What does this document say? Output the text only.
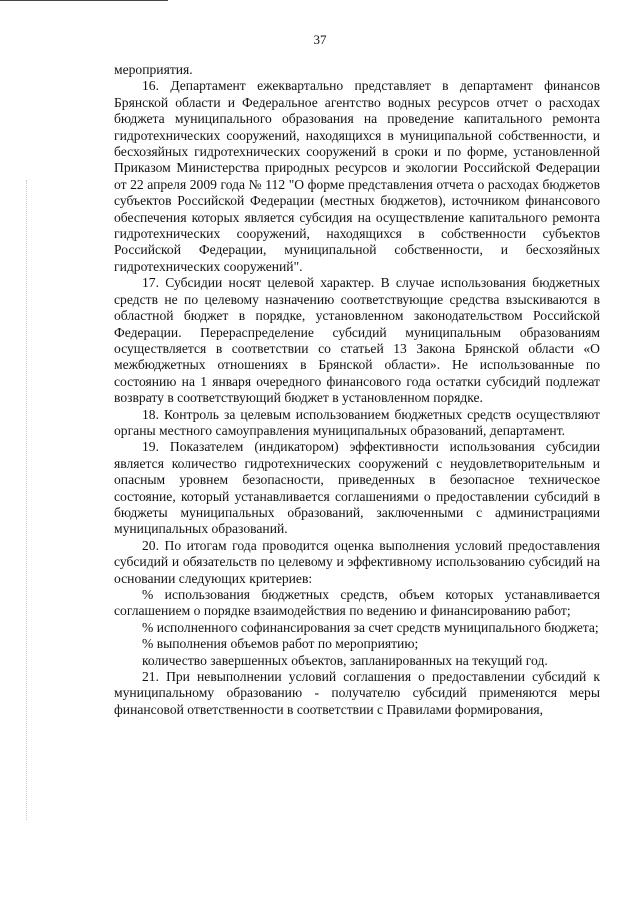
37

мероприятия.

16. Департамент ежеквартально представляет в департамент финансов Брянской области и Федеральное агентство водных ресурсов отчет о расходах бюджета муниципального образования на проведение капитального ремонта гидротехнических сооружений, находящихся в муниципальной собственности, и бесхозяйных гидротехнических сооружений в сроки и по форме, установленной Приказом Министерства природных ресурсов и экологии Российской Федерации от 22 апреля 2009 года № 112 "О форме представления отчета о расходах бюджетов субъектов Российской Федерации (местных бюджетов), источником финансового обеспечения которых является субсидия на осуществление капитального ремонта гидротехнических сооружений, находящихся в собственности субъектов Российской Федерации, муниципальной собственности, и бесхозяйных гидротехнических сооружений".

17. Субсидии носят целевой характер. В случае использования бюджетных средств не по целевому назначению соответствующие средства взыскиваются в областной бюджет в порядке, установленном законодательством Российской Федерации. Перераспределение субсидий муниципальным образованиям осуществляется в соответствии со статьей 13 Закона Брянской области «О межбюджетных отношениях в Брянской области». Не использованные по состоянию на 1 января очередного финансового года остатки субсидий подлежат возврату в соответствующий бюджет в установленном порядке.

18. Контроль за целевым использованием бюджетных средств осуществляют органы местного самоуправления муниципальных образований, департамент.

19. Показателем (индикатором) эффективности использования субсидии является количество гидротехнических сооружений с неудовлетворительным и опасным уровнем безопасности, приведенных в безопасное техническое состояние, который устанавливается соглашениями о предоставлении субсидий в бюджеты муниципальных образований, заключенными с администрациями муниципальных образований.

20. По итогам года проводится оценка выполнения условий предоставления субсидий и обязательств по целевому и эффективному использованию субсидий на основании следующих критериев:

% использования бюджетных средств, объем которых устанавливается соглашением о порядке взаимодействия по ведению и финансированию работ;

% исполненного софинансирования за счет средств муниципального бюджета;

% выполнения объемов работ по мероприятию;

количество завершенных объектов, запланированных на текущий год.

21. При невыполнении условий соглашения о предоставлении субсидий к муниципальному образованию - получателю субсидий применяются меры финансовой ответственности в соответствии с Правилами формирования,
